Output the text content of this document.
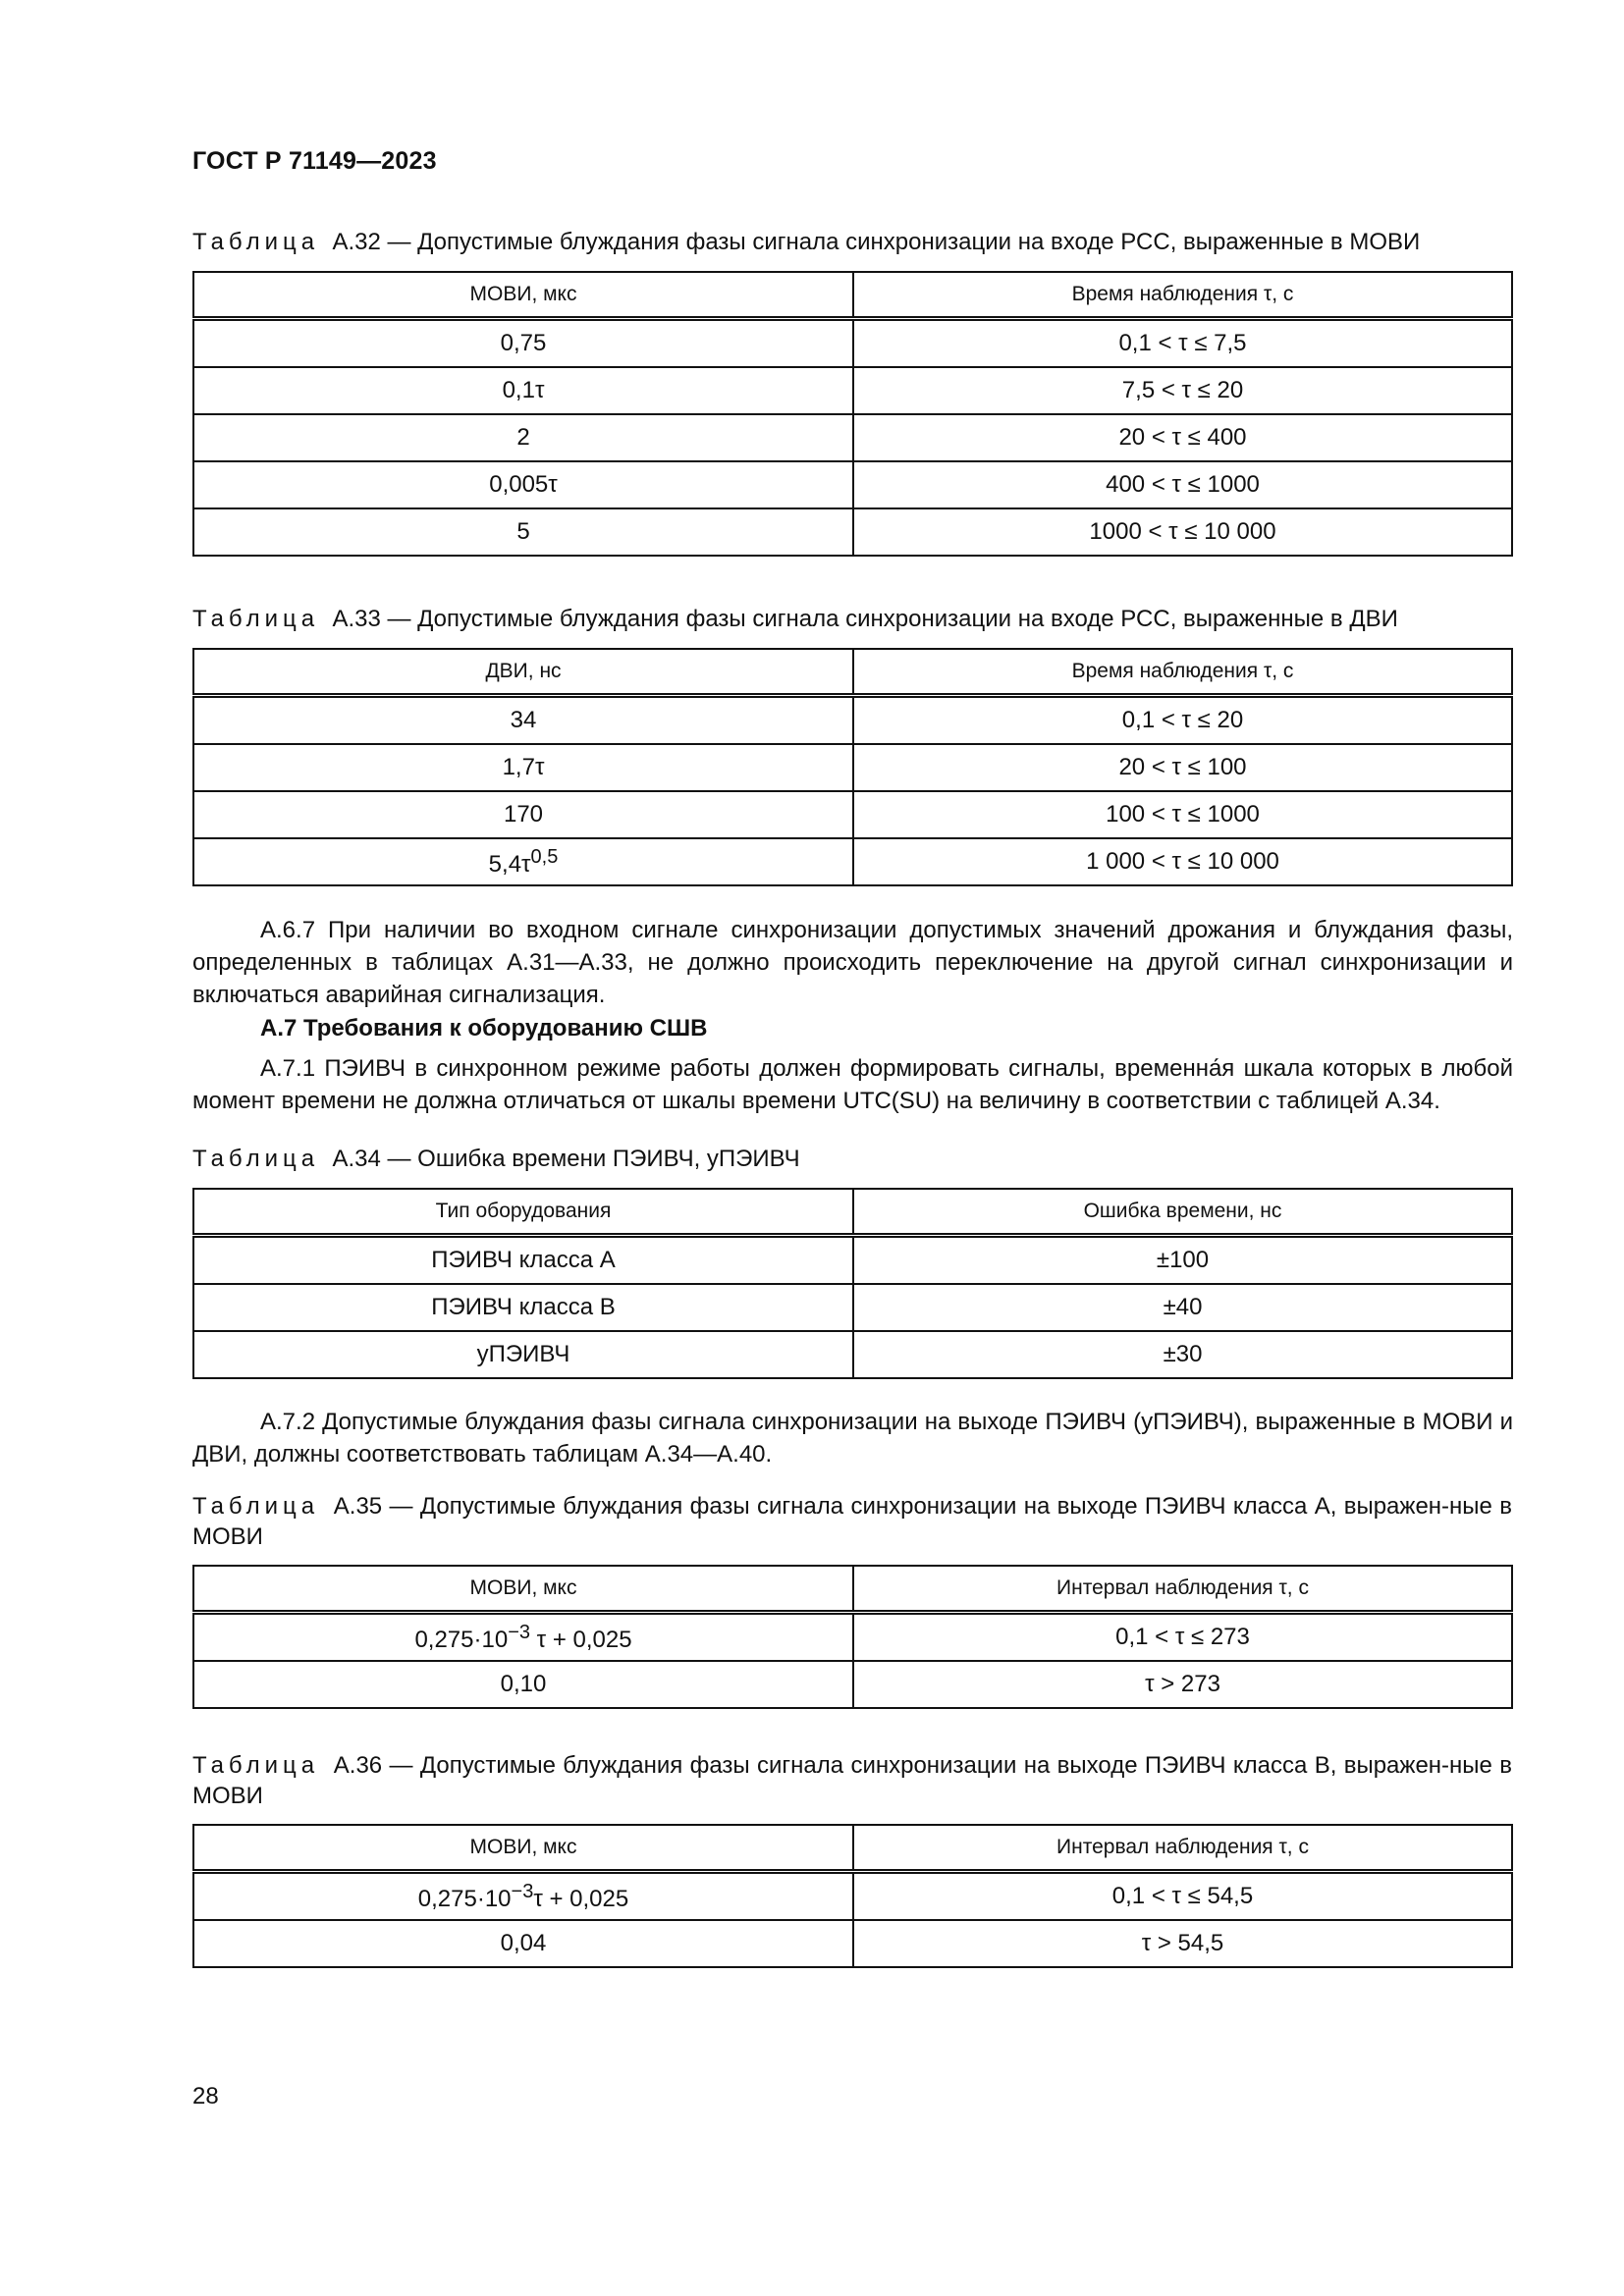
ГОСТ Р 71149—2023
Таблица А.32 — Допустимые блуждания фазы сигнала синхронизации на входе РСС, выраженные в МОВИ
МОВИ, мкс	Время наблюдения τ, с
0,75	0,1 < τ ≤ 7,5
0,1τ	7,5 < τ ≤ 20
2	20 < τ ≤ 400
0,005τ	400 < τ ≤ 1000
5	1000 < τ ≤ 10 000
Таблица А.33 — Допустимые блуждания фазы сигнала синхронизации на входе РСС, выраженные в ДВИ
ДВИ, нс	Время наблюдения τ, с
34	0,1 < τ ≤ 20
1,7τ	20 < τ ≤ 100
170	100 < τ ≤ 1000
$5,4\tau^{0,5}$	1 000 < τ ≤ 10 000
А.6.7 При наличии во входном сигнале синхронизации допустимых значений дрожания и блуждания фазы, определенных в таблицах А.31—А.33, не должно происходить переключение на другой сигнал синхронизации и включаться аварийная сигнализация.
А.7 Требования к оборудованию СШВ
А.7.1 ПЭИВЧ в синхронном режиме работы должен формировать сигналы, временна́я шкала которых в любой момент времени не должна отличаться от шкалы времени UTC(SU) на величину в соответствии с таблицей А.34.
Таблица А.34 — Ошибка времени ПЭИВЧ, уПЭИВЧ
Тип оборудования	Ошибка времени, нс
ПЭИВЧ класса А	±100
ПЭИВЧ класса В	±40
уПЭИВЧ	±30
А.7.2 Допустимые блуждания фазы сигнала синхронизации на выходе ПЭИВЧ (уПЭИВЧ), выраженные в МОВИ и ДВИ, должны соответствовать таблицам А.34—А.40.
Таблица А.35 — Допустимые блуждания фазы сигнала синхронизации на выходе ПЭИВЧ класса А, выражен-ные в МОВИ
МОВИ, мкс	Интервал наблюдения τ, с
$0,275\cdot 10^{-3}$ τ + 0,025	0,1 < τ ≤ 273
0,10	τ > 273
Таблица А.36 — Допустимые блуждания фазы сигнала синхронизации на выходе ПЭИВЧ класса В, выражен-ные в МОВИ
МОВИ, мкс	Интервал наблюдения τ, с
$0,275\cdot 10^{-3}\tau + 0,025$	0,1 < τ ≤ 54,5
0,04	τ > 54,5
28
